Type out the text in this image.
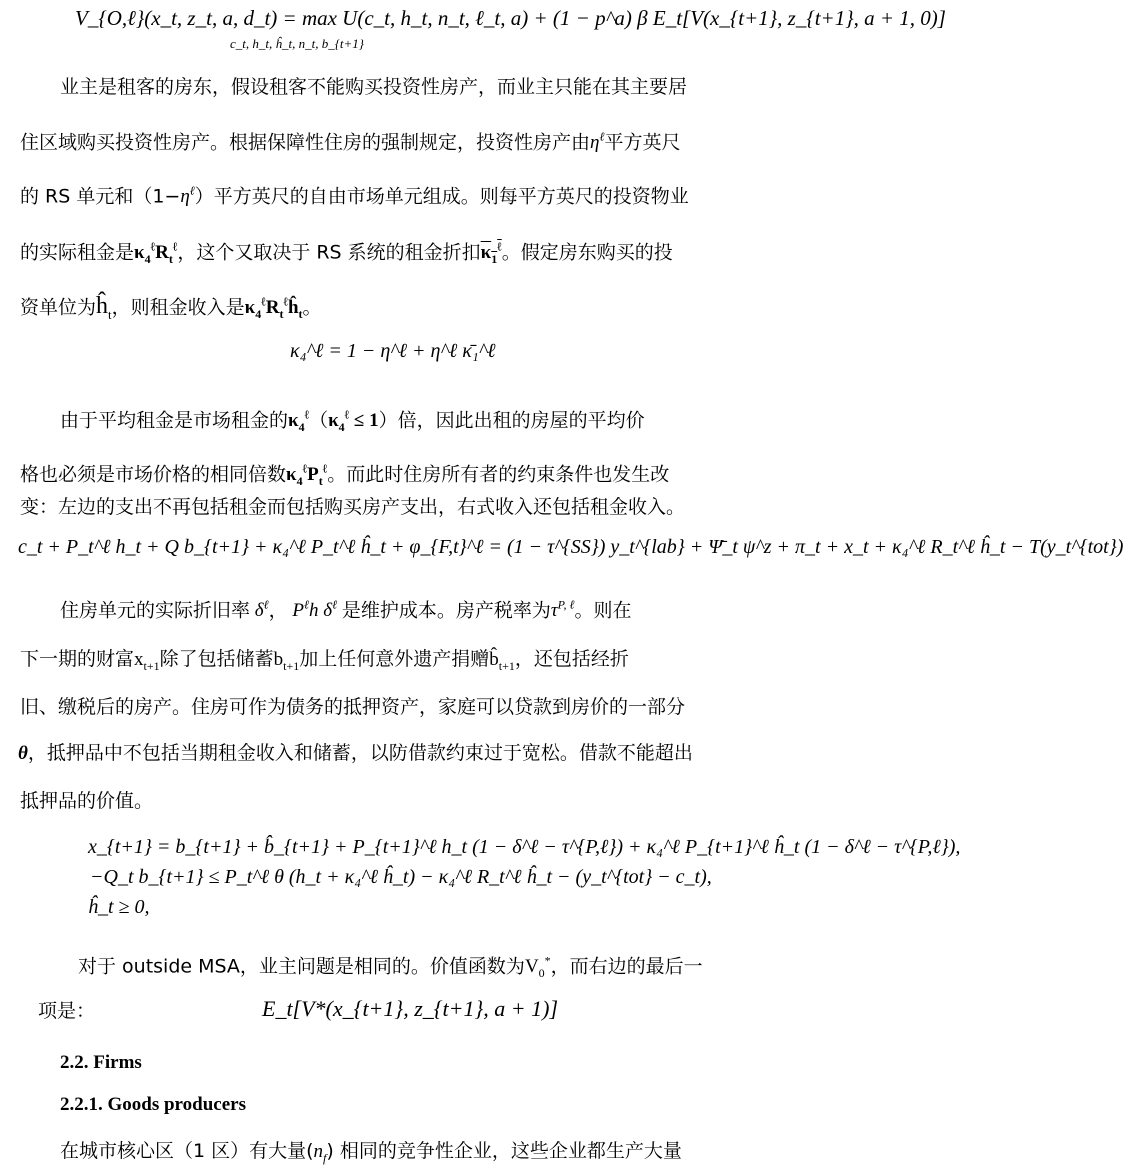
V_{O,ℓ}(x_t, z_t, a, d_t) = max U(c_t, h_t, n_t, ℓ_t, a) + (1 − p^a) β E_t[V(x_{t+1}, z_{t+1}, a + 1, 0)]
c_t, h_t, ĥ_t, n_t, b_{t+1}
业主是租客的房东，假设租客不能购买投资性房产，而业主只能在其主要居
住区域购买投资性房产。根据保障性住房的强制规定，投资性房产由$\eta^\ell$平方英尺
的 RS 单元和$(1-\eta^\ell)$平方英尺的自由市场单元组成。则每平方英尺的投资物业
的实际租金是$\kappa_4^\ell R_t^\ell$，这个又取决于 RS 系统的租金折扣$\kappa_1^\ell$。假定房东购买的投
资单位为$ĥ_t$，则租金收入是$\kappa_4^\ell R_t^\ell ĥ_t$。
κ₄^ℓ = 1 − η^ℓ + η^ℓ κ̄₁^ℓ
由于平均租金是市场租金的$\kappa_4^\ell(\kappa_4^\ell \le 1)$倍，因此出租的房屋的平均价
格也必须是市场价格的相同倍数$\kappa_4^\ell P_t^\ell$。而此时住房所有者的约束条件也发生改
变：左边的支出不再包括租金而包括购买房产支出，右式收入还包括租金收入。
c_t + P_t^ℓ h_t + Q b_{t+1} + κ₄^ℓ P_t^ℓ ĥ_t + φ_{F,t}^ℓ = (1 − τ^{SS}) y_t^{lab} + Ψ̄_t ψ^z + π_t + x_t + κ₄^ℓ R_t^ℓ ĥ_t − T(y_t^{tot})
住房单元的实际折旧率 $\delta^\ell$， $P^\ell h$ $\delta^\ell$ 是维护成本。房产税率为$\tau^{P, \ell}$。则在
下一期的财富$x_{t+1}$除了包括储蓄$b_{t+1}$加上任何意外遗产捐赠$b̂_{t+1}$，还包括经折
旧、缴税后的房产。住房可作为债务的抵押资产，家庭可以贷款到房价的一部分
θ，抵押品中不包括当期租金收入和储蓄，以防借款约束过于宽松。借款不能超出
抵押品的价值。
x_{t+1} = b_{t+1} + b̂_{t+1} + P_{t+1}^ℓ h_t (1 − δ^ℓ − τ^{P,ℓ}) + κ₄^ℓ P_{t+1}^ℓ ĥ_t (1 − δ^ℓ − τ^{P,ℓ}),
−Q_t b_{t+1} ≤ P_t^ℓ θ (h_t + κ₄^ℓ ĥ_t) − κ₄^ℓ R_t^ℓ ĥ_t − (y_t^{tot} − c_t),
ĥ_t ≥ 0,
对于 outside MSA，业主问题是相同的。价值函数为$V_0^*$，而右边的最后一
项是：	E_t[V*(x_{t+1}, z_{t+1}, a + 1)]
2.2. Firms
2.2.1. Goods producers
在城市核心区（1 区）有大量$(n_f)$ 相同的竞争性企业，这些企业都生产大量
